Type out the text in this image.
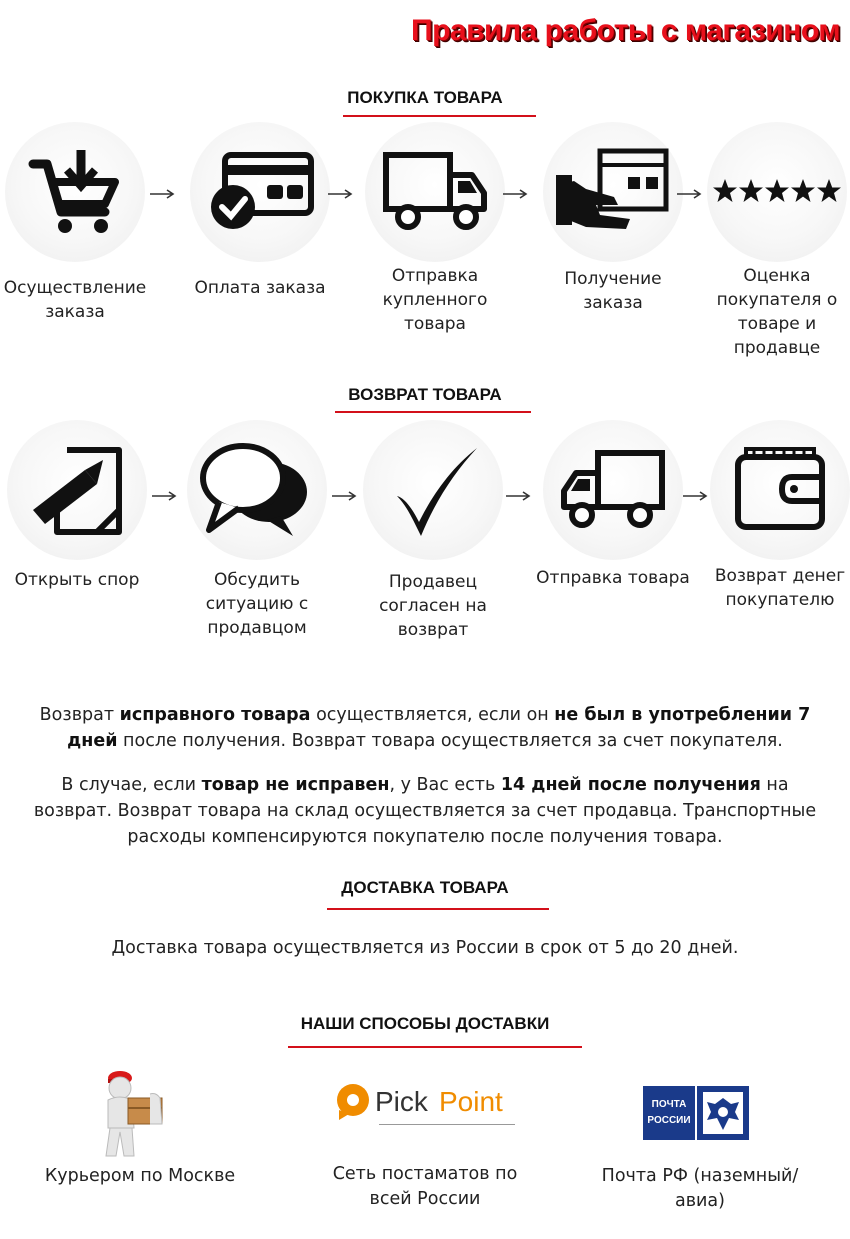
Правила работы с магазином
ПОКУПКА ТОВАРА
Осуществление заказа
Оплата заказа
Отправка купленного товара
Получение заказа
Оценка покупателя о товаре и продавце
ВОЗВРАТ ТОВАРА
Открыть спор	Обсудить ситуацию с продавцом
Продавец согласен на возврат
Отправка товара	Возврат денег покупателю

Возврат исправного товара осуществляется, если он не был в употреблении 7 дней после получения. Возврат товара осуществляется за счет покупателя.

В случае, если товар не исправен, у Вас есть 14 дней после получения на возврат. Возврат товара на склад осуществляется за счет продавца. Транспортные расходы компенсируются покупателю после получения товара.

ДОСТАВКА ТОВАРА

Доставка товара осуществляется из России в срок от 5 до 20 дней.

НАШИ СПОСОБЫ ДОСТАВКИ
Курьером по Москве
Pick Point
Сеть постаматов по всей России
ПОЧТА РОССИИ
Почта РФ (наземный/авиа)
